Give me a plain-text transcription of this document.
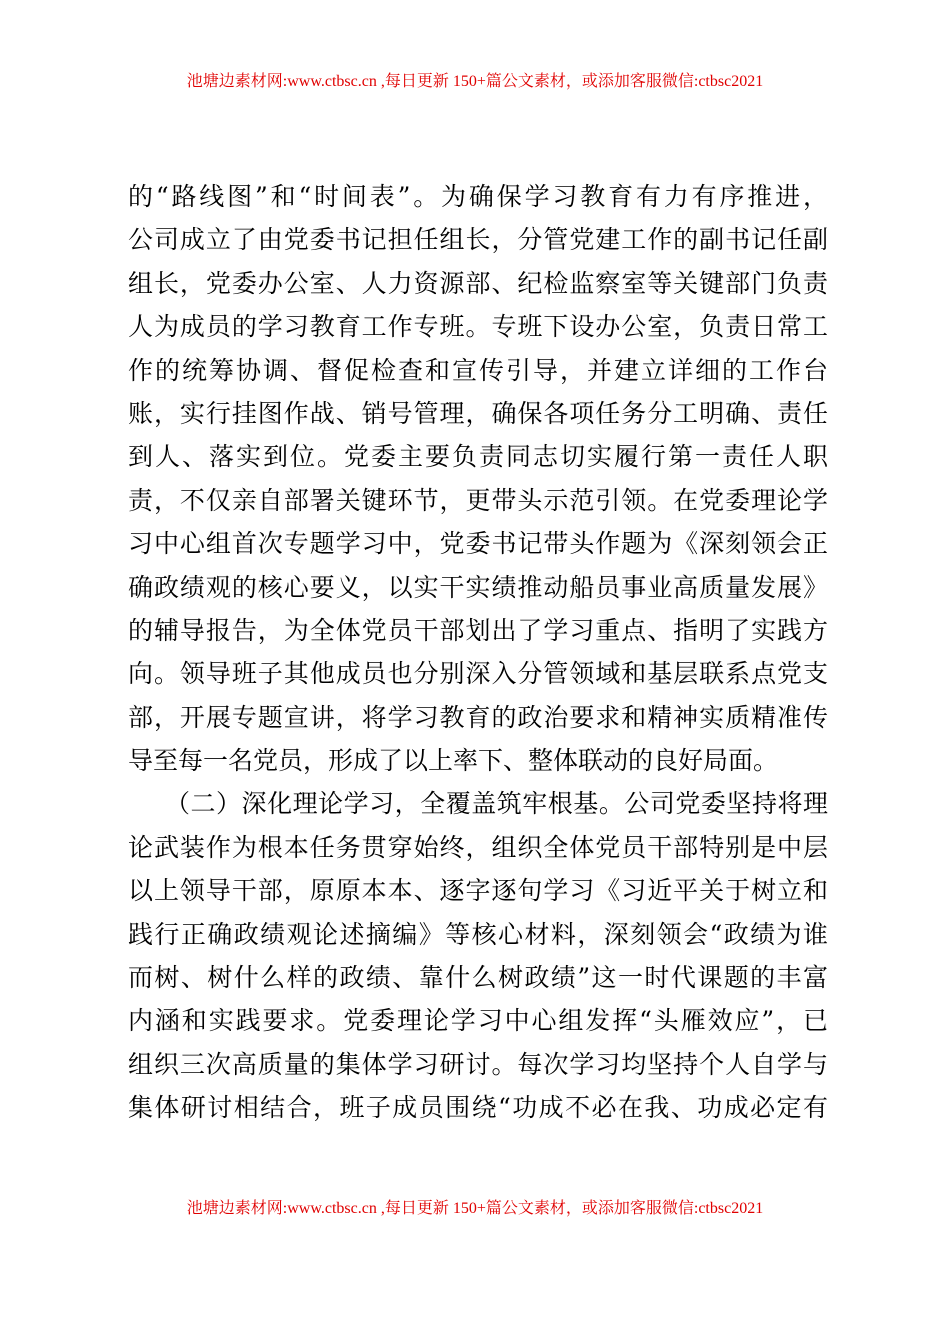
池塘边素材网:www.ctbsc.cn ,每日更新 150+篇公文素材，或添加客服微信:ctbsc2021
的“路线图”和“时间表”。为确保学习教育有力有序推进，
公司成立了由党委书记担任组长，分管党建工作的副书记任副
组长，党委办公室、人力资源部、纪检监察室等关键部门负责
人为成员的学习教育工作专班。专班下设办公室，负责日常工
作的统筹协调、督促检查和宣传引导，并建立详细的工作台
账，实行挂图作战、销号管理，确保各项任务分工明确、责任
到人、落实到位。党委主要负责同志切实履行第一责任人职
责，不仅亲自部署关键环节，更带头示范引领。在党委理论学
习中心组首次专题学习中，党委书记带头作题为《深刻领会正
确政绩观的核心要义，以实干实绩推动船员事业高质量发展》
的辅导报告，为全体党员干部划出了学习重点、指明了实践方
向。领导班子其他成员也分别深入分管领域和基层联系点党支
部，开展专题宣讲，将学习教育的政治要求和精神实质精准传
导至每一名党员，形成了以上率下、整体联动的良好局面。
（二）深化理论学习，全覆盖筑牢根基。公司党委坚持将理
论武装作为根本任务贯穿始终，组织全体党员干部特别是中层
以上领导干部，原原本本、逐字逐句学习《习近平关于树立和
践行正确政绩观论述摘编》等核心材料，深刻领会“政绩为谁
而树、树什么样的政绩、靠什么树政绩”这一时代课题的丰富
内涵和实践要求。党委理论学习中心组发挥“头雁效应”，已
组织三次高质量的集体学习研讨。每次学习均坚持个人自学与
集体研讨相结合，班子成员围绕“功成不必在我、功成必定有
池塘边素材网:www.ctbsc.cn ,每日更新 150+篇公文素材，或添加客服微信:ctbsc2021
